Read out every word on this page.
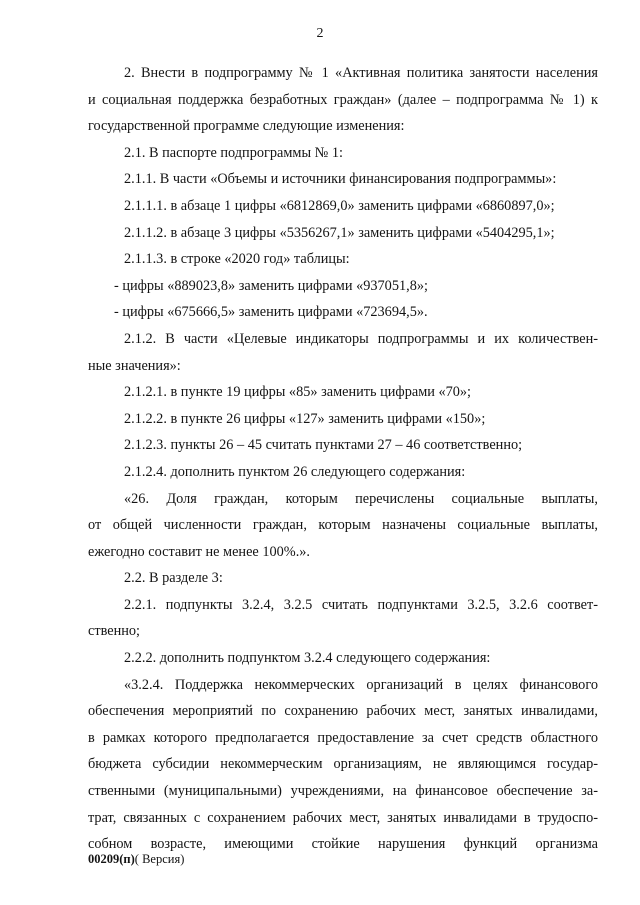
2

2. Внести в подпрограмму № 1 «Активная политика занятости населения
и социальная поддержка безработных граждан» (далее – подпрограмма № 1) к
государственной программе следующие изменения:

2.1. В паспорте подпрограммы № 1:

2.1.1. В части «Объемы и источники финансирования подпрограммы»:

2.1.1.1. в абзаце 1 цифры «6812869,0» заменить цифрами «6860897,0»;

2.1.1.2. в абзаце 3 цифры «5356267,1» заменить цифрами «5404295,1»;

2.1.1.3. в строке «2020 год» таблицы:

- цифры «889023,8» заменить цифрами «937051,8»;

- цифры «675666,5» заменить цифрами «723694,5».

2.1.2. В части «Целевые индикаторы подпрограммы и их количествен-
ные значения»:

2.1.2.1. в пункте 19 цифры «85» заменить цифрами «70»;

2.1.2.2. в пункте 26 цифры «127» заменить цифрами «150»;

2.1.2.3. пункты 26 – 45 считать пунктами 27 – 46 соответственно;

2.1.2.4. дополнить пунктом 26 следующего содержания:

«26. Доля граждан, которым перечислены социальные выплаты,
от общей численности граждан, которым назначены социальные выплаты,
ежегодно составит не менее 100%.».

2.2. В разделе 3:

2.2.1. подпункты 3.2.4, 3.2.5 считать подпунктами 3.2.5, 3.2.6 соответ-
ственно;

2.2.2. дополнить подпунктом 3.2.4 следующего содержания:

«3.2.4. Поддержка некоммерческих организаций в целях финансового
обеспечения мероприятий по сохранению рабочих мест, занятых инвалидами,
в рамках которого предполагается предоставление за счет средств областного
бюджета субсидии некоммерческим организациям, не являющимся государ-
ственными (муниципальными) учреждениями, на финансовое обеспечение за-
трат, связанных с сохранением рабочих мест, занятых инвалидами в трудоспо-
собном возрасте, имеющими стойкие нарушения функций организма

00209(п)( Версия)
